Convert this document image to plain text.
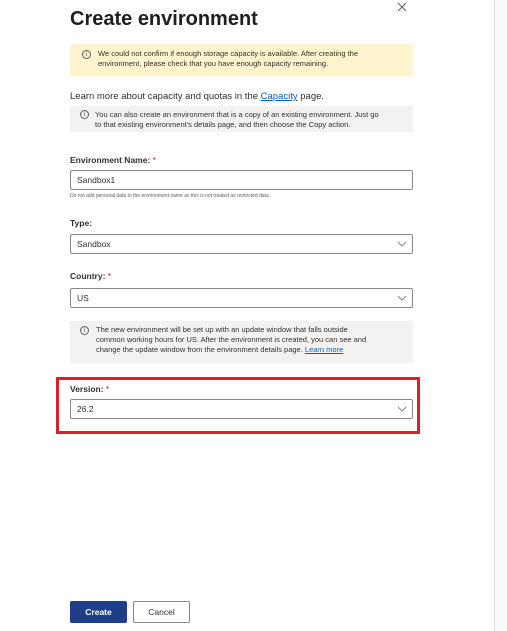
Create environment
i	We could not confirm if enough storage capacity is available. After creating the
environment, please check that you have enough capacity remaining.
Learn more about capacity and quotas in the Capacity page.
i	You can also create an environment that is a copy of an existing environment. Just go
to that existing environment's details page, and then choose the Copy action.
Environment Name: *
Sandbox1
Do not add personal data to the environment name as this is not treated as restricted data.
Type:
Sandbox
Country: *
US
i	The new environment will be set up with an update window that falls outside
common working hours for US. After the environment is created, you can see and
change the update window from the environment details page. Learn more
Version: *
26.2
Create	Cancel
